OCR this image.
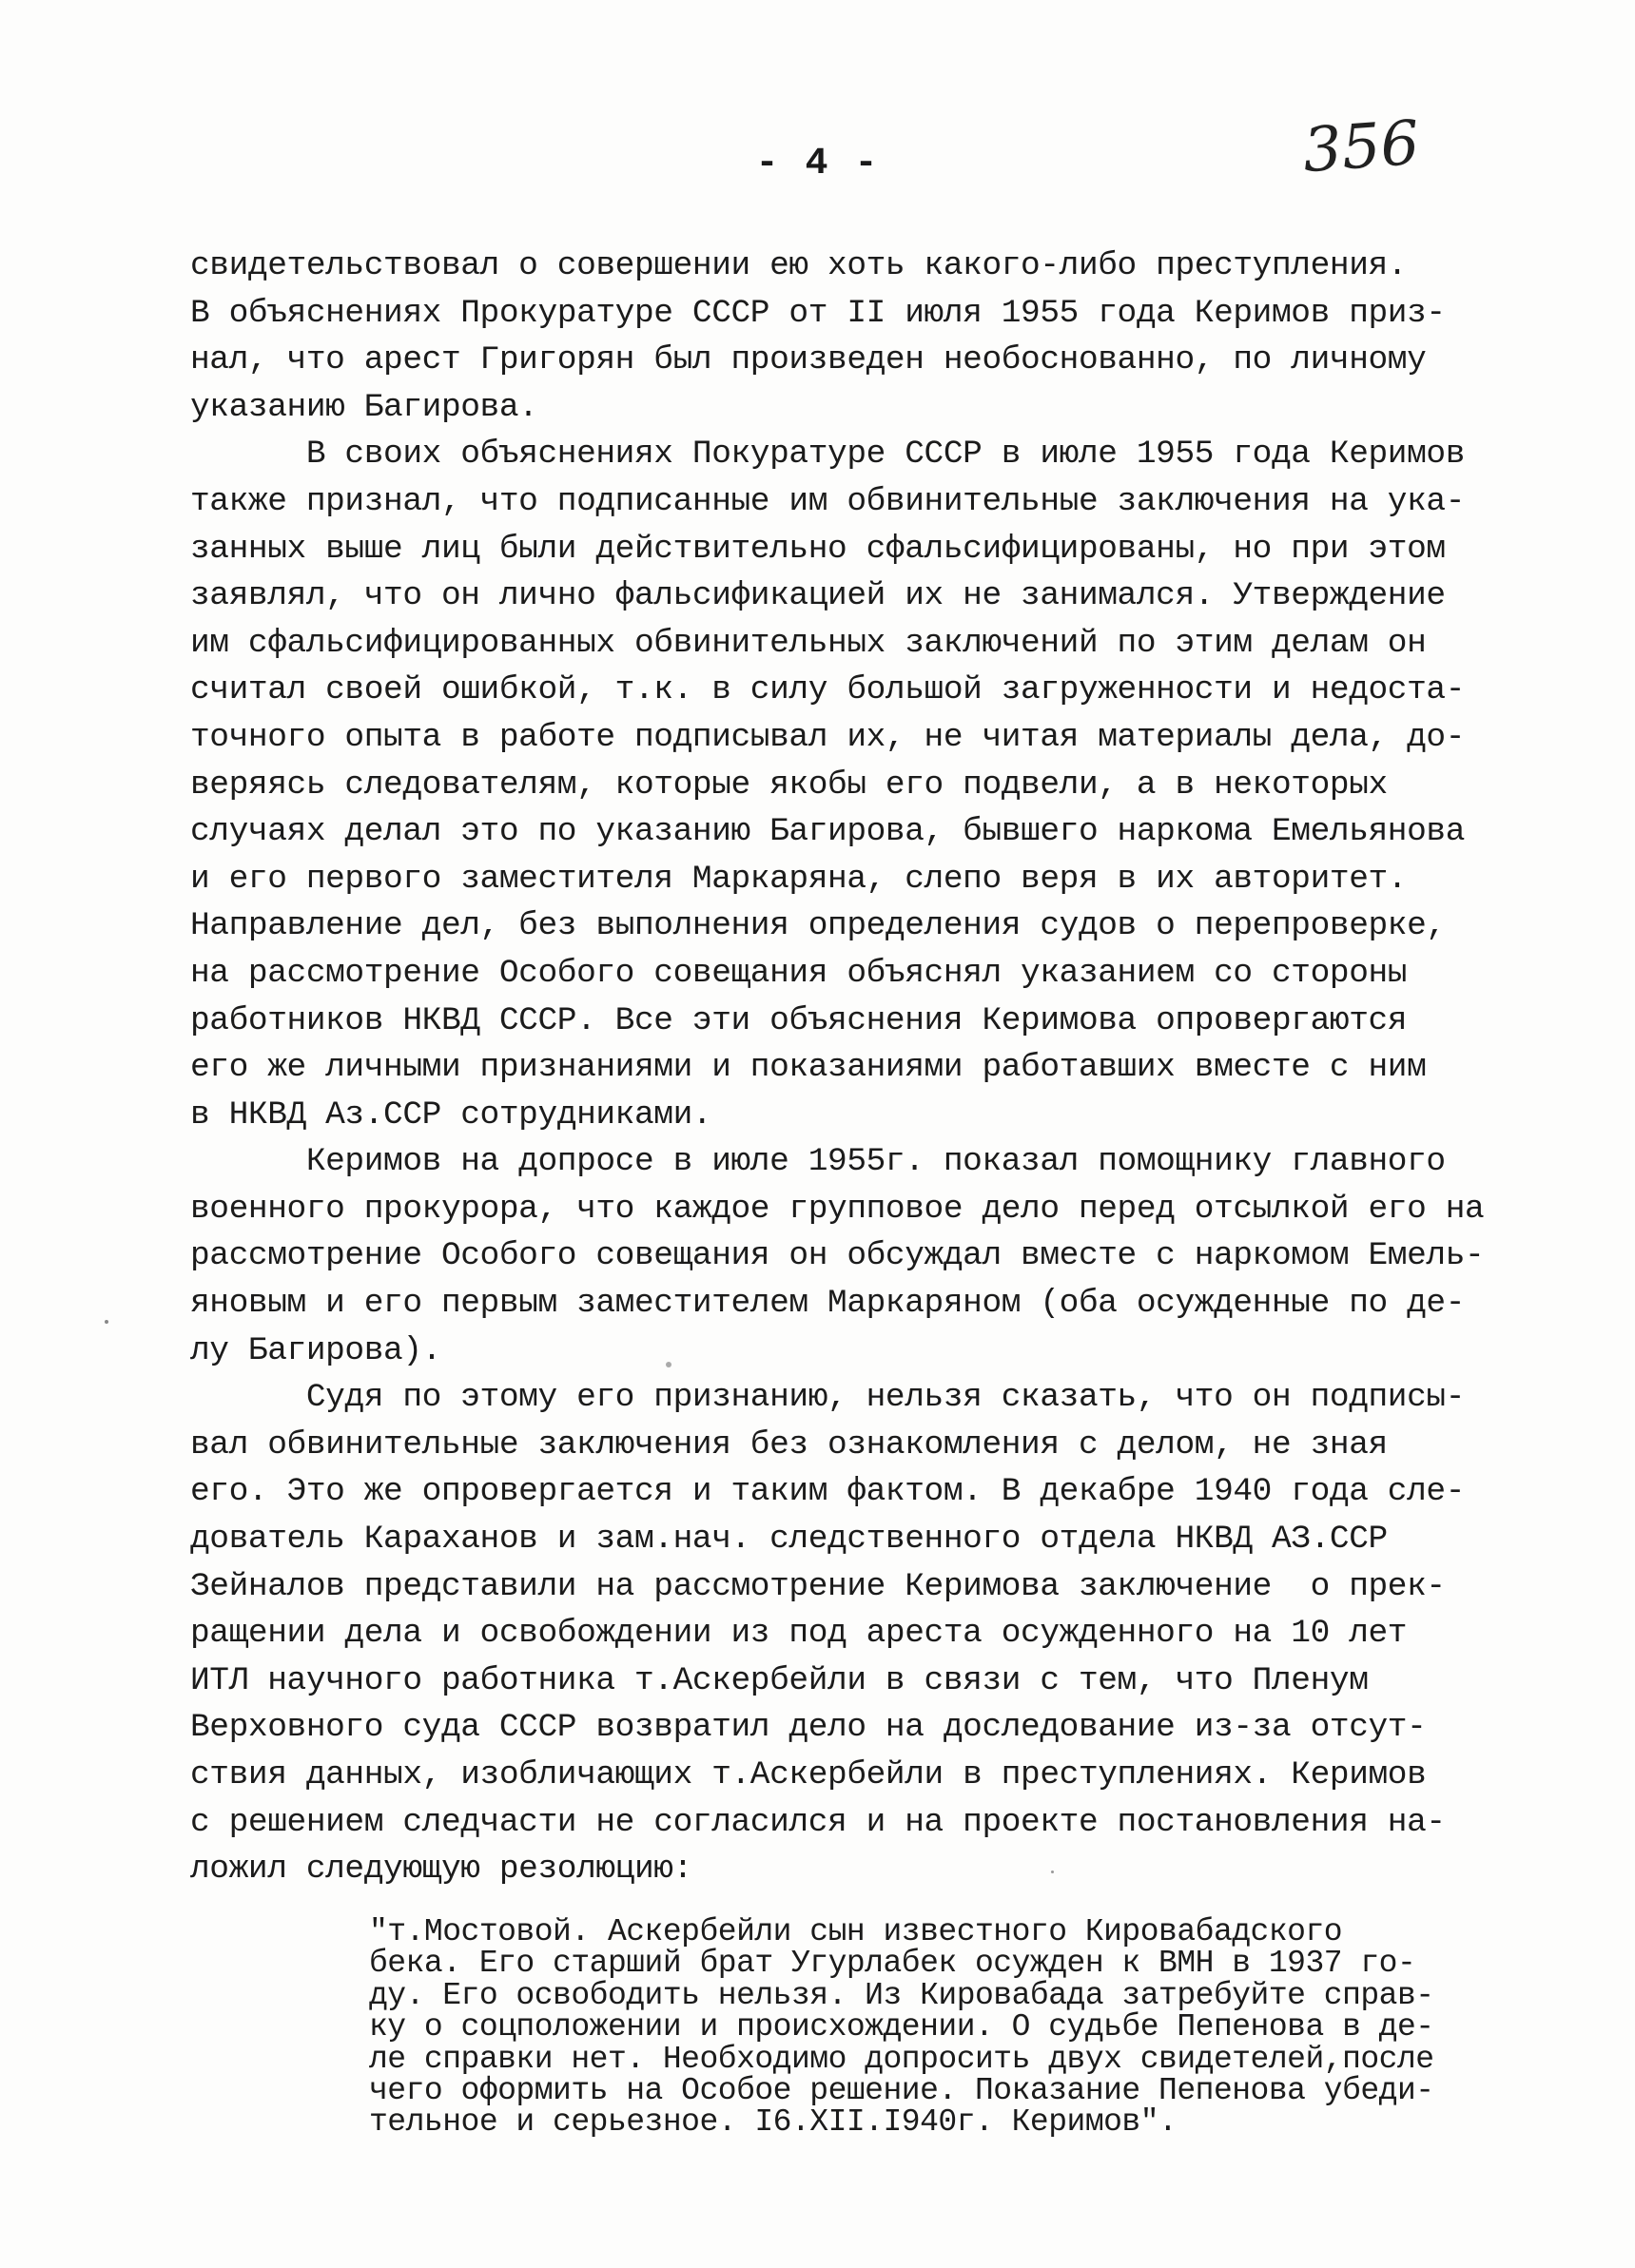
- 4 -	356
свидетельствовал о совершении ею хоть какого-либо преступления.
В объяснениях Прокуратуре СССР от II июля 1955 года Керимов приз-
нал, что арест Григорян был произведен необоснованно, по личному
указанию Багирова.
В своих объяснениях Покуратуре СССР в июле 1955 года Керимов
также признал, что подписанные им обвинительные заключения на ука-
занных выше лиц были действительно сфальсифицированы, но при этом
заявлял, что он лично фальсификацией их не занимался. Утверждение
им сфальсифицированных обвинительных заключений по этим делам он
считал своей ошибкой, т.к. в силу большой загруженности и недоста-
точного опыта в работе подписывал их, не читая материалы дела, до-
веряясь следователям, которые якобы его подвели, а в некоторых
случаях делал это по указанию Багирова, бывшего наркома Емельянова
и его первого заместителя Маркаряна, слепо веря в их авторитет.
Направление дел, без выполнения определения судов о перепроверке,
на рассмотрение Особого совещания объяснял указанием со стороны
работников НКВД СССР. Все эти объяснения Керимова опровергаются
его же личными признаниями и показаниями работавших вместе с ним
в НКВД Аз.ССР сотрудниками.
Керимов на допросе в июле 1955г. показал помощнику главного
военного прокурора, что каждое групповое дело перед отсылкой его на
рассмотрение Особого совещания он обсуждал вместе с наркомом Емель-
яновым и его первым заместителем Маркаряном (оба осужденные по де-
лу Багирова).
Судя по этому его признанию, нельзя сказать, что он подписы-
вал обвинительные заключения без ознакомления с делом, не зная
его. Это же опровергается и таким фактом. В декабре 1940 года сле-
дователь Караханов и зам.нач. следственного отдела НКВД АЗ.ССР
Зейналов представили на рассмотрение Керимова заключение  о прек-
ращении дела и освобождении из под ареста осужденного на 10 лет
ИТЛ научного работника т.Аскербейли в связи с тем, что Пленум
Верховного суда СССР возвратил дело на доследование из-за отсут-
ствия данных, изобличающих т.Аскербейли в преступлениях. Керимов
с решением следчасти не согласился и на проекте постановления на-
ложил следующую резолюцию:
"т.Мостовой. Аскербейли сын известного Кировабадского
бека. Его старший брат Угурлабек осужден к ВМН в 1937 го-
ду. Его освободить нельзя. Из Кировабада затребуйте справ-
ку о соцположении и происхождении. О судьбе Пепенова в де-
ле справки нет. Необходимо допросить двух свидетелей,после
чего оформить на Особое решение. Показание Пепенова убеди-
тельное и серьезное. I6.XII.I940г. Керимов".
